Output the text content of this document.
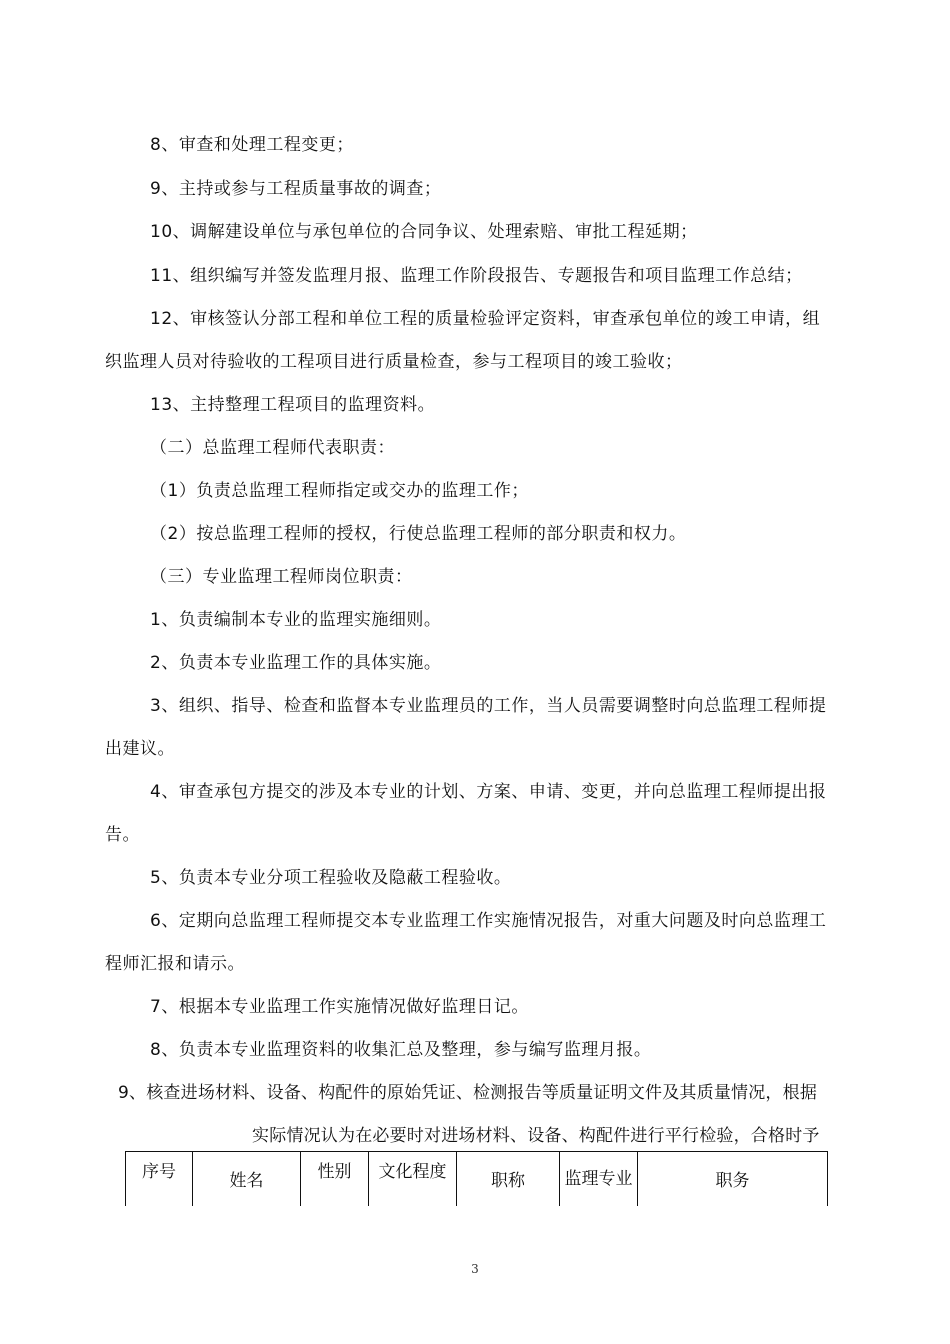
8、审查和处理工程变更；
9、主持或参与工程质量事故的调查；
10、调解建设单位与承包单位的合同争议、处理索赔、审批工程延期；
11、组织编写并签发监理月报、监理工作阶段报告、专题报告和项目监理工作总结；
12、审核签认分部工程和单位工程的质量检验评定资料，审查承包单位的竣工申请，组
织监理人员对待验收的工程项目进行质量检查，参与工程项目的竣工验收；
13、主持整理工程项目的监理资料。
（二）总监理工程师代表职责：
（1）负责总监理工程师指定或交办的监理工作；
（2）按总监理工程师的授权，行使总监理工程师的部分职责和权力。
（三）专业监理工程师岗位职责：
1、负责编制本专业的监理实施细则。
2、负责本专业监理工作的具体实施。
3、组织、指导、检查和监督本专业监理员的工作，当人员需要调整时向总监理工程师提
出建议。
4、审查承包方提交的涉及本专业的计划、方案、申请、变更，并向总监理工程师提出报
告。
5、负责本专业分项工程验收及隐蔽工程验收。
6、定期向总监理工程师提交本专业监理工作实施情况报告，对重大问题及时向总监理工
程师汇报和请示。
7、根据本专业监理工作实施情况做好监理日记。
8、负责本专业监理资料的收集汇总及整理，参与编写监理月报。
9、核查进场材料、设备、构配件的原始凭证、检测报告等质量证明文件及其质量情况，根据
实际情况认为在必要时对进场材料、设备、构配件进行平行检验，合格时予
序号	姓名	性别	文化程度	职称	监理专业	职务
3
